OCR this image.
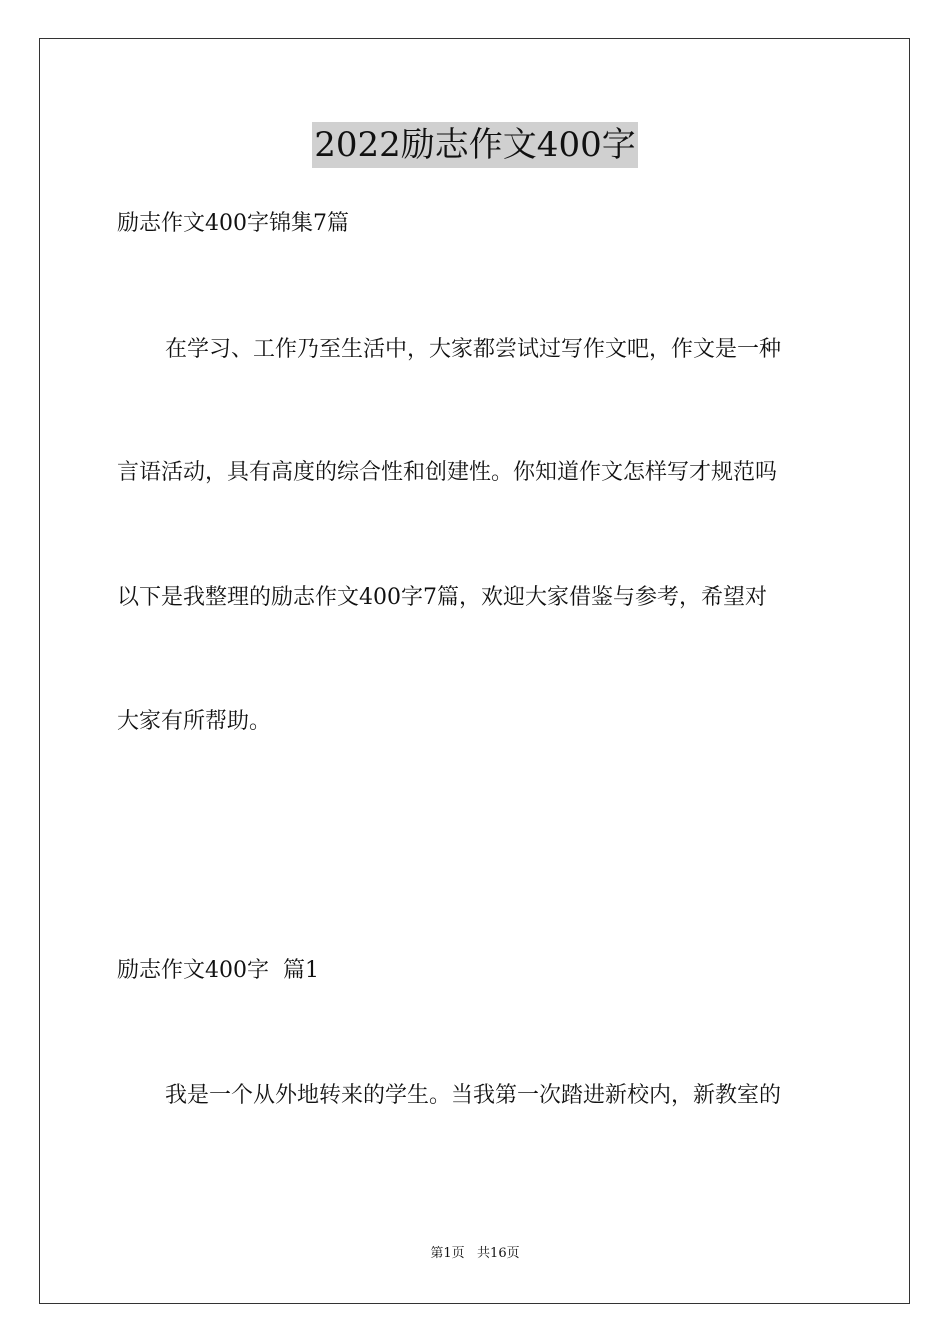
2022励志作文400字
励志作文400字锦集7篇
在学习、工作乃至生活中，大家都尝试过写作文吧，作文是一种
言语活动，具有高度的综合性和创建性。你知道作文怎样写才规范吗
以下是我整理的励志作文400字7篇，欢迎大家借鉴与参考，希望对
大家有所帮助。
励志作文400字  篇1
我是一个从外地转来的学生。当我第一次踏进新校内，新教室的
第1页   共16页
